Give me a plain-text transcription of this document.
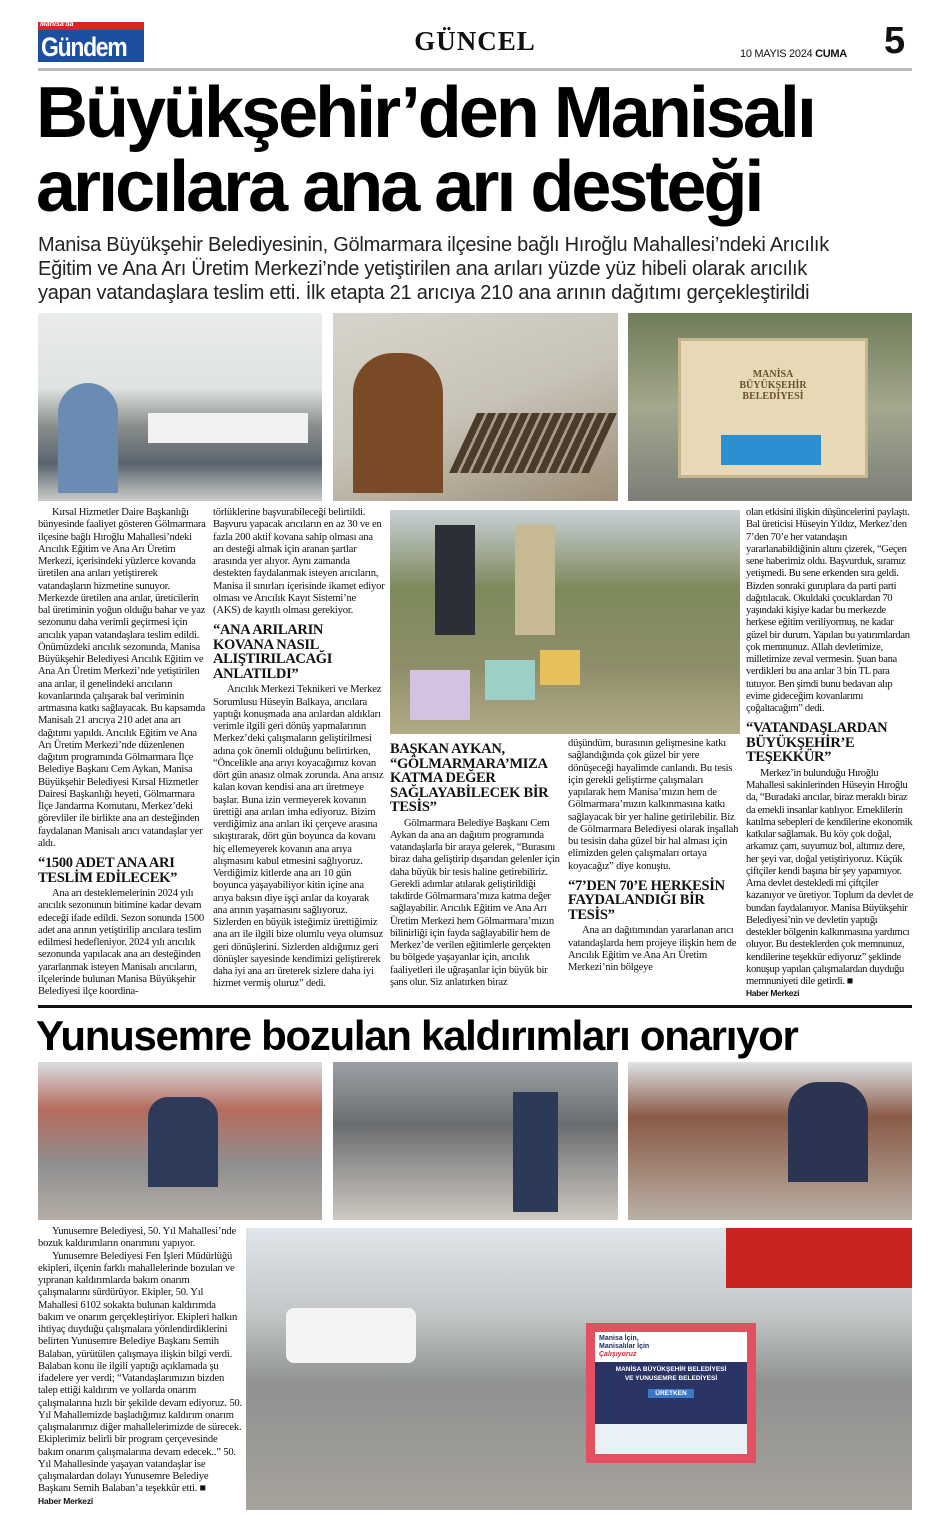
Manisa'da
Gündem	GÜNCEL	10 MAYIS 2024 CUMA 5
Büyükşehir’den Manisalı
arıcılara ana arı desteği
Manisa Büyükşehir Belediyesinin, Gölmarmara ilçesine bağlı Hıroğlu Mahallesi’ndeki Arıcılık
Eğitim ve Ana Arı Üretim Merkezi’nde yetiştirilen ana arıları yüzde yüz hibeli olarak arıcılık
yapan vatandaşlara teslim etti. İlk etapta 21 arıcıya 210 ana arının dağıtımı gerçekleştirildi
MANİSA
BÜYÜKŞEHİR
BELEDİYESİ

Kırsal Hizmetler Daire Başkanlığı bünyesinde faaliyet gösteren Gölmarmara ilçesine bağlı Hıroğlu Mahallesi’ndeki Arıcılık Eğitim ve Ana Arı Üretim Merkezi, içerisindeki yüzlerce kovanda üretilen ana arıları yetiştirerek vatandaşların hizmetine sunuyor. Merkezde üretilen ana arılar, üreticilerin bal üretiminin yoğun olduğu bahar ve yaz sezonunu daha verimli geçirmesi için arıcılık yapan vatandaşlara teslim edildi. Önümüzdeki arıcılık sezonunda, Manisa Büyükşehir Belediyesi Arıcılık Eğitim ve Ana Arı Üretim Merkezi’nde yetiştirilen ana arılar, il genelindeki arıcıların kovanlarında çalışarak bal veriminin artmasına katkı sağlayacak. Bu kapsamda Manisalı 21 arıcıya 210 adet ana arı dağıtımı yapıldı. Arıcılık Eğitim ve Ana Arı Üretim Merkezi’nde düzenlenen dağıtım programında Gölmarmara İlçe Belediye Başkanı Cem Aykan, Manisa Büyükşehir Belediyesi Kırsal Hizmetler Dairesi Başkanlığı heyeti, Gölmarmara İlçe Jandarma Komutanı, Merkez’deki görevliler ile birlikte ana arı desteğinden faydalanan Manisalı arıcı vatandaşlar yer aldı.

“1500 ADET ANA ARI TESLİM EDİLECEK”

Ana arı desteklemelerinin 2024 yılı arıcılık sezonunun bitimine kadar devam edeceği ifade edildi. Sezon sonunda 1500 adet ana arının yetiştirilip arıcılara teslim edilmesi hedefleniyor. 2024 yılı arıcılık sezonunda yapılacak ana arı desteğinden yararlanmak isteyen Manisalı arıcıların, ilçelerinde bulunan Manisa Büyükşehir Belediyesi ilçe koordina-

törlüklerine başvurabileceği belirtildi. Başvuru yapacak arıcıların en az 30 ve en fazla 200 aktif kovana sahip olması ana arı desteği almak için aranan şartlar arasında yer alıyor. Aynı zamanda destekten faydalanmak isteyen arıcıların, Manisa il sınırları içerisinde ikamet ediyor olması ve Arıcılık Kayıt Sistemi’ne (AKS) de kayıtlı olması gerekiyor.

“ANA ARILARIN KOVANA NASIL ALIŞTIRILACAĞI ANLATILDI”

Arıcılık Merkezi Teknikeri ve Merkez Sorumlusu Hüseyin Balkaya, arıcılara yaptığı konuşmada ana arılardan aldıkları verimle ilgili geri dönüş yapmalarının Merkez’deki çalışmaların geliştirilmesi adına çok önemli olduğunu belirtirken, “Öncelikle ana arıyı koyacağımız kovan dört gün anasız olmak zorunda. Ana arısız kalan kovan kendisi ana arı üretmeye başlar. Buna izin vermeyerek kovanın ürettiği ana arıları imha ediyoruz. Bizim verdiğimiz ana arıları iki çerçeve arasına sıkıştırarak, dört gün boyunca da kovanı hiç ellemeyerek kovanın ana arıya alışmasını kabul etmesini sağlıyoruz. Verdiğimiz kitlerde ana arı 10 gün boyunca yaşayabiliyor kitin içine ana arıya baksın diye işçi arılar da koyarak ana arının yaşamasını sağlıyoruz. Sizlerden en büyük isteğimiz ürettiğimiz ana arı ile ilgili bize olumlu veya olumsuz geri dönüşlerini. Sizlerden aldığımız geri dönüşler sayesinde kendimizi geliştirerek daha iyi ana arı üreterek sizlere daha iyi hizmet vermiş oluruz” dedi.

BAŞKAN AYKAN, “GÖLMARMARA’MIZA KATMA DEĞER SAĞLAYABİLECEK BİR TESİS”

Gölmarmara Belediye Başkanı Cem Aykan da ana arı dağıtım programında vatandaşlarla bir araya gelerek, “Burasını biraz daha geliştirip dışarıdan gelenler için daha büyük bir tesis haline getirebiliriz. Gerekli adımlar atılarak geliştirildiği takdirde Gölmarmara’mıza katma değer sağlayabilir. Arıcılık Eğitim ve Ana Arı Üretim Merkezi hem Gölmarmara’mızın bilinirliği için fayda sağlayabilir hem de Merkez’de verilen eğitimlerle gerçekten bu bölgede yaşayanlar için, arıcılık faaliyetleri ile uğraşanlar için büyük bir şans olur. Siz anlatırken biraz

düşündüm, burasının gelişmesine katkı sağlandığında çok güzel bir yere dönüşeceği hayalimde canlandı. Bu tesis için gerekli geliştirme çalışmaları yapılarak hem Manisa’mızın hem de Gölmarmara’mızın kalkınmasına katkı sağlayacak bir yer haline getirilebilir. Biz de Gölmarmara Belediyesi olarak inşallah bu tesisin daha güzel bir hal alması için elimizden gelen çalışmaları ortaya koyacağız” diye konuştu.

“7’DEN 70’E HERKESİN FAYDALANDIĞI BİR TESİS”

Ana arı dağıtımından yararlanan arıcı vatandaşlarda hem projeye ilişkin hem de Arıcılık Eğitim ve Ana Arı Üretim Merkezi’nin bölgeye

olan etkisini ilişkin düşüncelerini paylaştı. Bal üreticisi Hüseyin Yıldız, Merkez’den 7’den 70’e her vatandaşın yararlanabildiğinin altını çizerek, “Geçen sene haberimiz oldu. Başvurduk, sıramız yetişmedi. Bu sene erkenden sıra geldi. Bizden sonraki guruplara da parti parti dağıtılacak. Okuldaki çocuklardan 70 yaşındaki kişiye kadar bu merkezde herkese eğitim veriliyormuş, ne kadar güzel bir durum. Yapılan bu yatırımlardan çok memnunuz. Allah devletimize, milletimize zeval vermesin. Şuan bana verdikleri bu ana arılar 3 bin TL para tutuyor. Ben şimdi bunu bedavan alıp evime gideceğim kovanlarımı çoğaltacağım” dedi.

“VATANDAŞLARDAN BÜYÜKŞEHİR’E TEŞEKKÜR”

Merkez’in bulunduğu Hıroğlu Mahallesi sakinlerinden Hüseyin Hıroğlu da, “Buradaki arıcılar, biraz meraklı biraz da emekli insanlar katılıyor. Emeklilerin katılma sebepleri de kendilerine ekonomik katkılar sağlamak. Bu köy çok doğal, arkamız çam, suyumuz bol, altımız dere, her şeyi var, doğal yetiştiriyoruz. Küçük çiftçiler kendi başına bir şey yapamıyor. Ama devlet destekledi mi çiftçiler kazanıyor ve üretiyor. Toplum da devlet de bundan faydalanıyor. Manisa Büyükşehir Belediyesi’nin ve devletin yaptığı destekler bölgenin kalkınmasına yardımcı oluyor. Bu desteklerden çok memnunuz, kendilerine teşekkür ediyoruz” şeklinde konuşup yapılan çalışmalardan duyduğu memnuniyeti dile getirdi. ■

Haber Merkezi
Yunusemre bozulan kaldırımları onarıyor
Manisa İçin,
Manisalılar İçin
Çalışıyoruz
MANİSA BÜYÜKŞEHİR BELEDİYESİ
VE YUNUSEMRE BELEDİYESİ
ÜRETKEN

Yunusemre Belediyesi, 50. Yıl Mahallesi’nde bozuk kaldırımların onarımını yapıyor.

Yunusemre Belediyesi Fen İşleri Müdürlüğü ekipleri, ilçenin farklı mahallelerinde bozulan ve yıpranan kaldırımlarda bakım onarım çalışmalarını sürdürüyor. Ekipler, 50. Yıl Mahallesi 6102 sokakta bulunan kaldırımda bakım ve onarım gerçekleştiriyor. Ekipleri halkın ihtiyaç duyduğu çalışmalara yönlendirdiklerini belirten Yunusemre Belediye Başkanı Semih Balaban, yürütülen çalışmaya ilişkin bilgi verdi. Balaban konu ile ilgili yaptığı açıklamada şu ifadelere yer verdi; “Vatandaşlarımızın bizden talep ettiği kaldırım ve yollarda onarım çalışmalarına hızlı bir şekilde devam ediyoruz. 50. Yıl Mahallemizde başladığımız kaldırım onarım çalışmalarımız diğer mahallelerimizde de sürecek. Ekiplerimiz belirli bir program çerçevesinde bakım onarım çalışmalarına devam edecek..” 50. Yıl Mahallesinde yaşayan vatandaşlar ise çalışmalardan dolayı Yunusemre Belediye Başkanı Semih Balaban’a teşekkür etti. ■

Haber Merkezi
